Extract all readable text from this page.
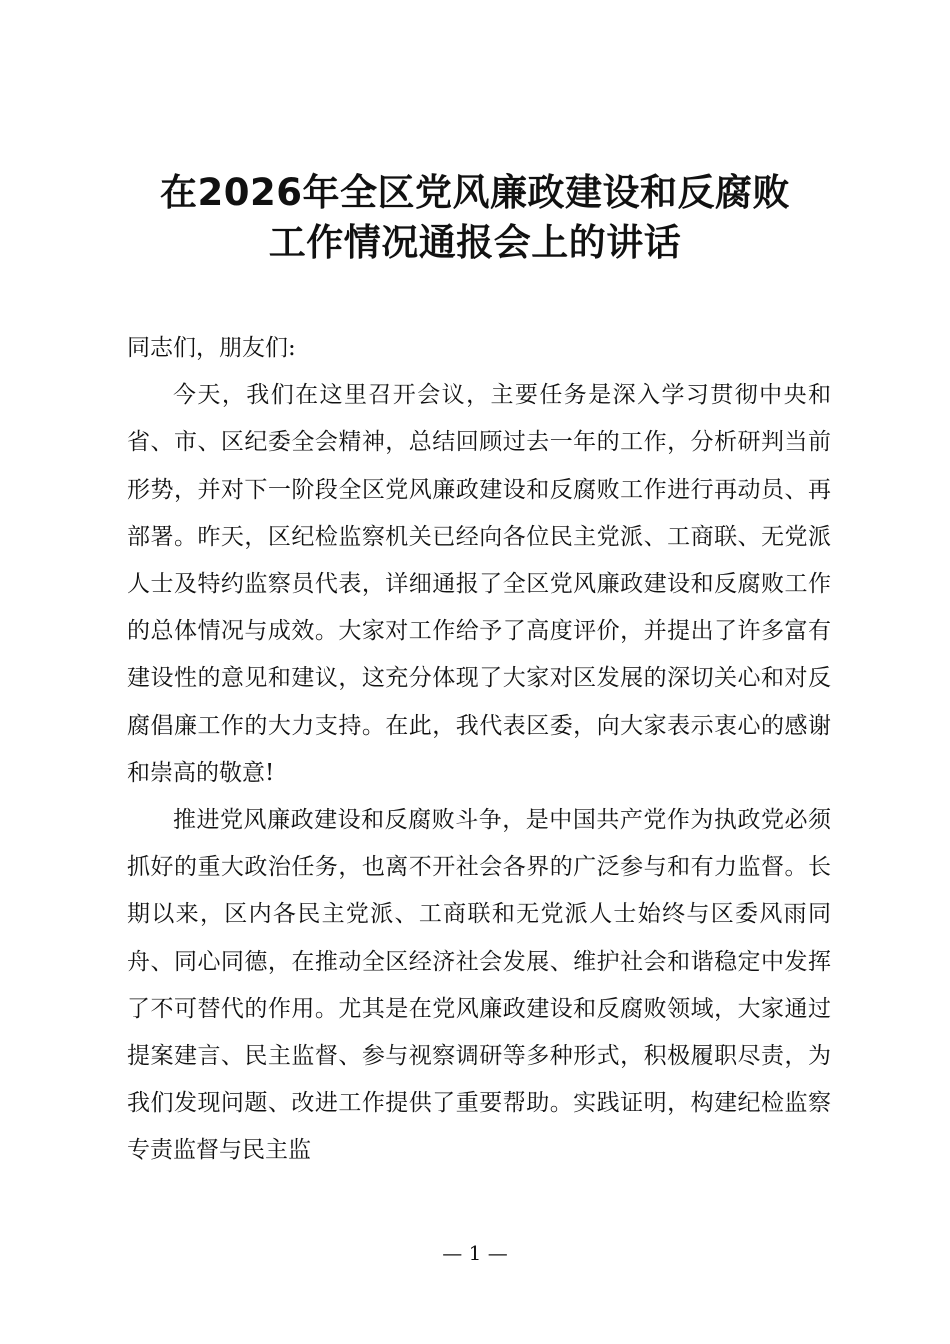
在2026年全区党风廉政建设和反腐败
工作情况通报会上的讲话
同志们，朋友们:

今天，我们在这里召开会议，主要任务是深入学习贯彻中央和省、市、区纪委全会精神，总结回顾过去一年的工作，分析研判当前形势，并对下一阶段全区党风廉政建设和反腐败工作进行再动员、再部署。昨天，区纪检监察机关已经向各位民主党派、工商联、无党派人士及特约监察员代表，详细通报了全区党风廉政建设和反腐败工作的总体情况与成效。大家对工作给予了高度评价，并提出了许多富有建设性的意见和建议，这充分体现了大家对区发展的深切关心和对反腐倡廉工作的大力支持。在此，我代表区委，向大家表示衷心的感谢和崇高的敬意!

推进党风廉政建设和反腐败斗争，是中国共产党作为执政党必须抓好的重大政治任务，也离不开社会各界的广泛参与和有力监督。长期以来，区内各民主党派、工商联和无党派人士始终与区委风雨同舟、同心同德，在推动全区经济社会发展、维护社会和谐稳定中发挥了不可替代的作用。尤其是在党风廉政建设和反腐败领域，大家通过提案建言、民主监督、参与视察调研等多种形式，积极履职尽责，为我们发现问题、改进工作提供了重要帮助。实践证明，构建纪检监察专责监督与民主监

— 1 —
